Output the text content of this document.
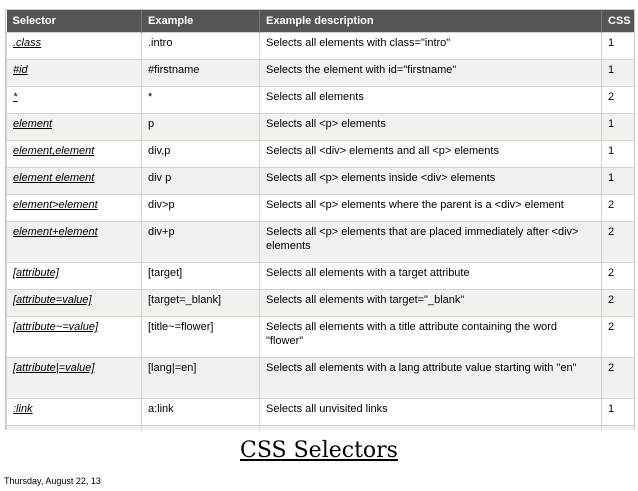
Selector	Example	Example description	CSS
.class	.intro	Selects all elements with class="intro"	1
#id	#firstname	Selects the element with id="firstname"	1
*	*	Selects all elements	2
element	p	Selects all <p> elements	1
element,element	div,p	Selects all <div> elements and all <p> elements	1
element element	div p	Selects all <p> elements inside <div> elements	1
element>element	div>p	Selects all <p> elements where the parent is a <div> element	2
element+element	div+p	Selects all <p> elements that are placed immediately after <div> elements	2
[attribute]	[target]	Selects all elements with a target attribute	2
[attribute=value]	[target=_blank]	Selects all elements with target="_blank"	2
[attribute~=value]	[title~=flower]	Selects all elements with a title attribute containing the word "flower"	2
[attribute|=value]	[lang|=en]	Selects all elements with a lang attribute value starting with "en"	2
:link	a:link	Selects all unvisited links	1

CSS Selectors
Thursday, August 22, 13
